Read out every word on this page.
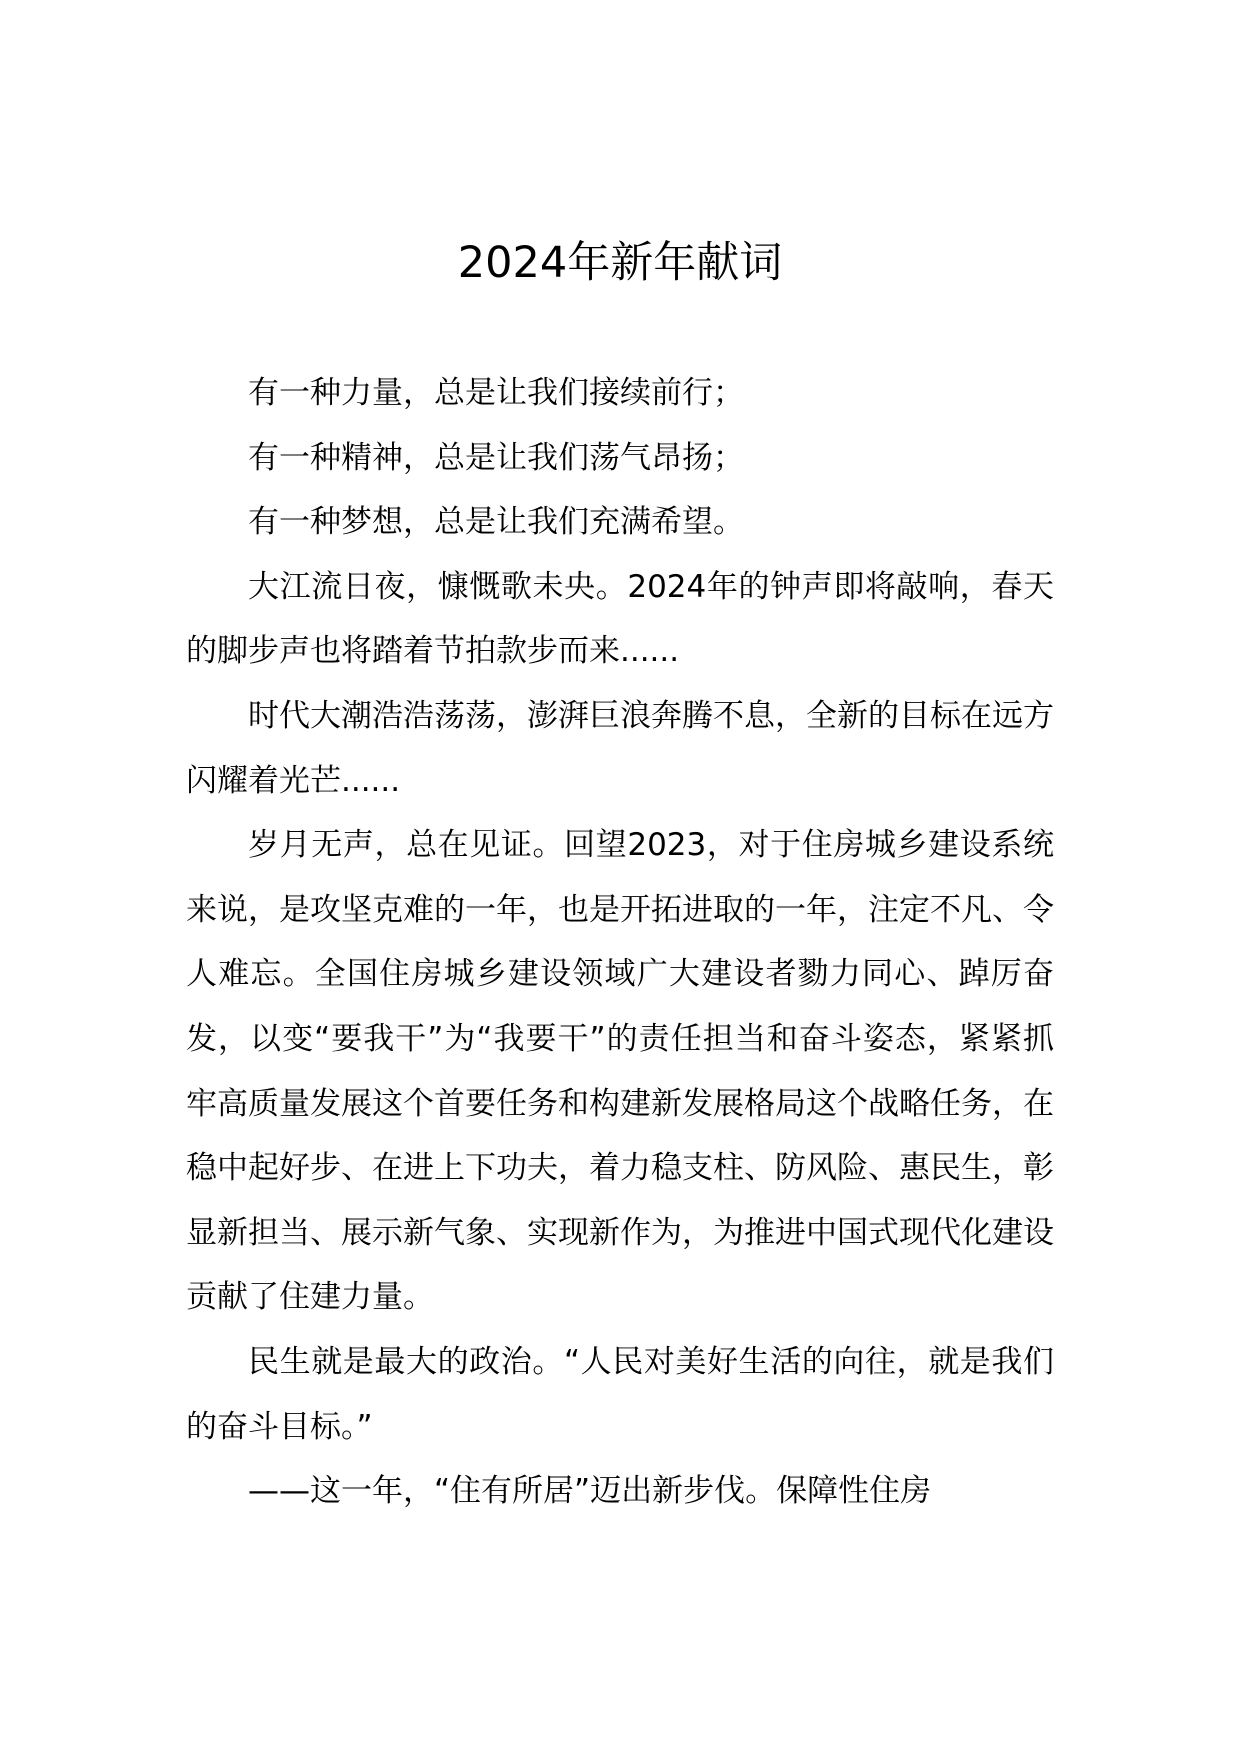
2024年新年献词

有一种力量，总是让我们接续前行；

有一种精神，总是让我们荡气昂扬；

有一种梦想，总是让我们充满希望。

大江流日夜，慷慨歌未央。2024年的钟声即将敲响，春天的脚步声也将踏着节拍款步而来......

时代大潮浩浩荡荡，澎湃巨浪奔腾不息，全新的目标在远方闪耀着光芒......

岁月无声，总在见证。回望2023，对于住房城乡建设系统来说，是攻坚克难的一年，也是开拓进取的一年，注定不凡、令人难忘。全国住房城乡建设领域广大建设者勠力同心、踔厉奋发，以变“要我干”为“我要干”的责任担当和奋斗姿态，紧紧抓牢高质量发展这个首要任务和构建新发展格局这个战略任务，在稳中起好步、在进上下功夫，着力稳支柱、防风险、惠民生，彰显新担当、展示新气象、实现新作为，为推进中国式现代化建设贡献了住建力量。

民生就是最大的政治。“人民对美好生活的向往，就是我们的奋斗目标。”

——这一年，“住有所居”迈出新步伐。保障性住房
